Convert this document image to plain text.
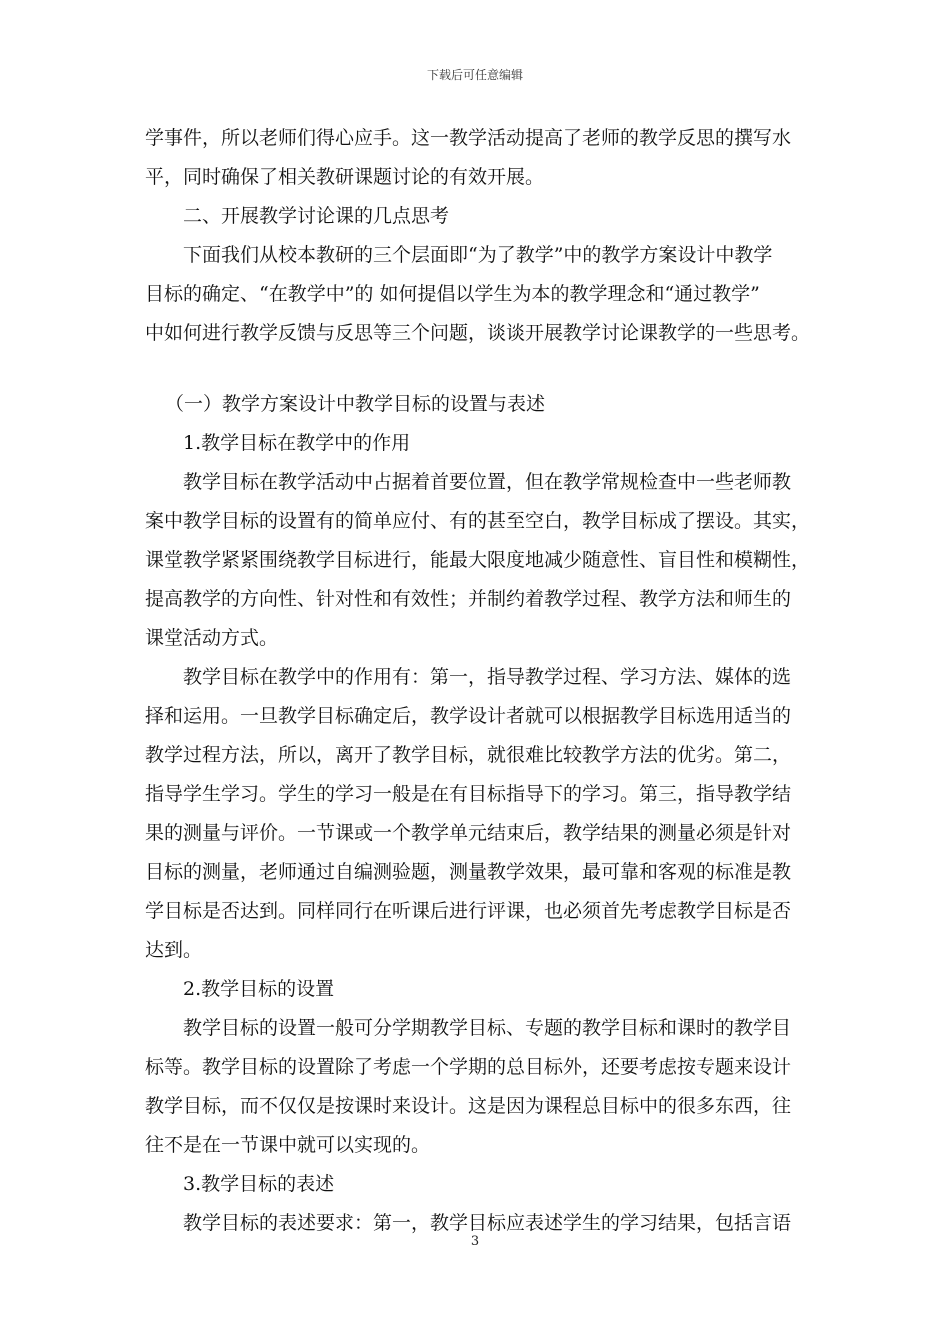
下载后可任意编辑
学事件，所以老师们得心应手。这一教学活动提高了老师的教学反思的撰写水
平，同时确保了相关教研课题讨论的有效开展。
二、开展教学讨论课的几点思考
下面我们从校本教研的三个层面即“为了教学”中的教学方案设计中教学
目标的确定、“在教学中”的 如何提倡以学生为本的教学理念和“通过教学”
中如何进行教学反馈与反思等三个问题，谈谈开展教学讨论课教学的一些思考。
（一）教学方案设计中教学目标的设置与表述
1.教学目标在教学中的作用
教学目标在教学活动中占据着首要位置，但在教学常规检查中一些老师教
案中教学目标的设置有的简单应付、有的甚至空白，教学目标成了摆设。其实，
课堂教学紧紧围绕教学目标进行，能最大限度地减少随意性、盲目性和模糊性，
提高教学的方向性、针对性和有效性；并制约着教学过程、教学方法和师生的
课堂活动方式。
教学目标在教学中的作用有：第一，指导教学过程、学习方法、媒体的选
择和运用。一旦教学目标确定后，教学设计者就可以根据教学目标选用适当的
教学过程方法，所以，离开了教学目标，就很难比较教学方法的优劣。第二，
指导学生学习。学生的学习一般是在有目标指导下的学习。第三，指导教学结
果的测量与评价。一节课或一个教学单元结束后，教学结果的测量必须是针对
目标的测量，老师通过自编测验题，测量教学效果，最可靠和客观的标准是教
学目标是否达到。同样同行在听课后进行评课，也必须首先考虑教学目标是否
达到。
2.教学目标的设置
教学目标的设置一般可分学期教学目标、专题的教学目标和课时的教学目
标等。教学目标的设置除了考虑一个学期的总目标外，还要考虑按专题来设计
教学目标，而不仅仅是按课时来设计。这是因为课程总目标中的很多东西，往
往不是在一节课中就可以实现的。
3.教学目标的表述
教学目标的表述要求：第一，教学目标应表述学生的学习结果，包括言语
3
